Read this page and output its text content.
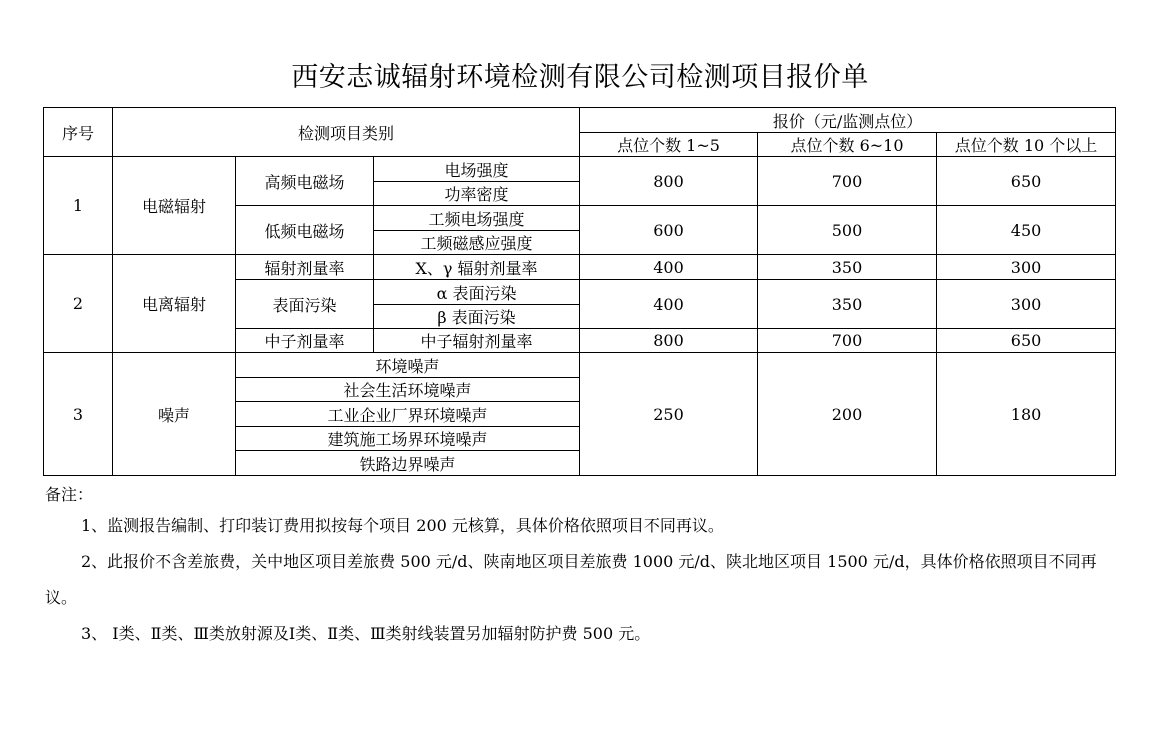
西安志诚辐射环境检测有限公司检测项目报价单
序号	检测项目类别			报价（元/监测点位）		
				点位个数 1~5	点位个数 6~10	点位个数 10 个以上
1	电磁辐射	高频电磁场	电场强度	800	700	650
			功率密度			
		低频电磁场	工频电场强度	600	500	450
			工频磁感应强度			
2	电离辐射	辐射剂量率	X、γ 辐射剂量率	400	350	300
		表面污染	α 表面污染	400	350	300
			β 表面污染			
		中子剂量率	中子辐射剂量率	800	700	650
3	噪声	环境噪声		250	200	180
		社会生活环境噪声				
		工业企业厂界环境噪声				
		建筑施工场界环境噪声				
		铁路边界噪声				

备注：

1、监测报告编制、打印装订费用拟按每个项目 200 元核算，具体价格依照项目不同再议。

2、此报价不含差旅费，关中地区项目差旅费 500 元/d、陕南地区项目差旅费 1000 元/d、陕北地区项目 1500 元/d，具体价格依照项目不同再议。

3、 Ⅰ类、Ⅱ类、Ⅲ类放射源及Ⅰ类、Ⅱ类、Ⅲ类射线装置另加辐射防护费 500 元。
